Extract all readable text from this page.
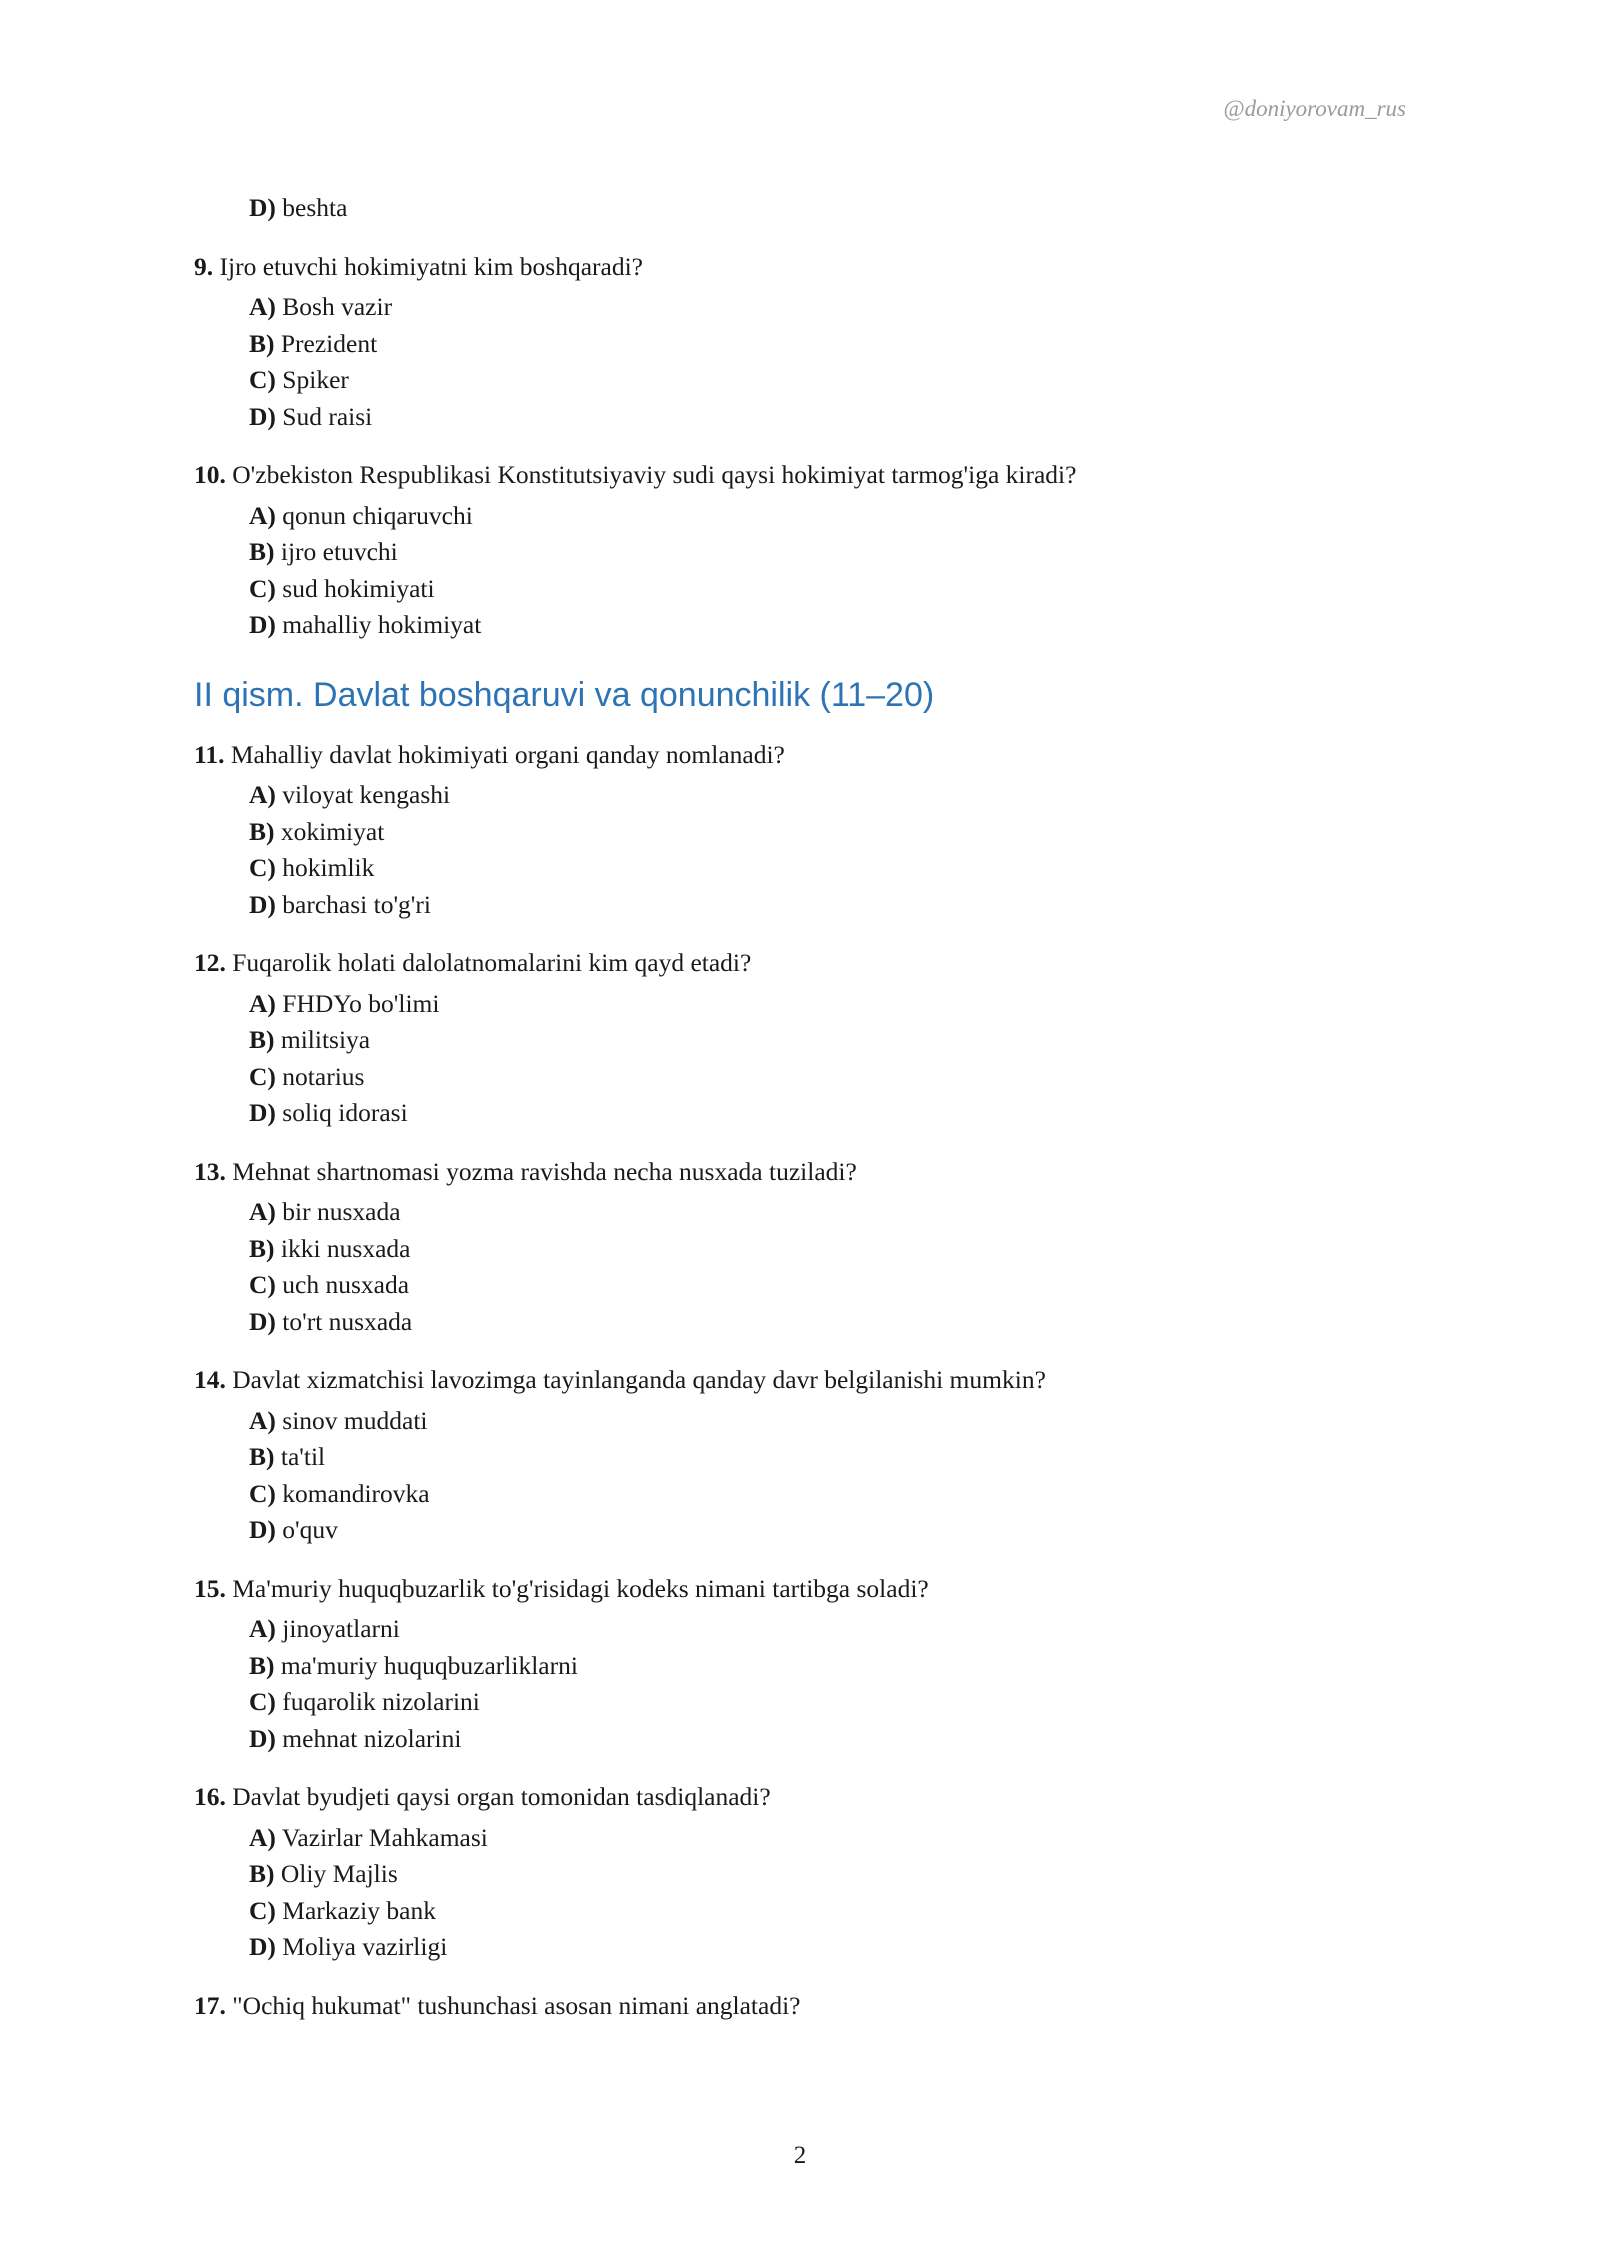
@doniyorovam_rus
D) beshta
9. Ijro etuvchi hokimiyatni kim boshqaradi?
A) Bosh vazir
B) Prezident
C) Spiker
D) Sud raisi
10. O'zbekiston Respublikasi Konstitutsiyaviy sudi qaysi hokimiyat tarmog'iga kiradi?
A) qonun chiqaruvchi
B) ijro etuvchi
C) sud hokimiyati
D) mahalliy hokimiyat
II qism. Davlat boshqaruvi va qonunchilik (11–20)
11. Mahalliy davlat hokimiyati organi qanday nomlanadi?
A) viloyat kengashi
B) xokimiyat
C) hokimlik
D) barchasi to'g'ri
12. Fuqarolik holati dalolatnomalarini kim qayd etadi?
A) FHDYo bo'limi
B) militsiya
C) notarius
D) soliq idorasi
13. Mehnat shartnomasi yozma ravishda necha nusxada tuziladi?
A) bir nusxada
B) ikki nusxada
C) uch nusxada
D) to'rt nusxada
14. Davlat xizmatchisi lavozimga tayinlanganda qanday davr belgilanishi mumkin?
A) sinov muddati
B) ta'til
C) komandirovka
D) o'quv
15. Ma'muriy huquqbuzarlik to'g'risidagi kodeks nimani tartibga soladi?
A) jinoyatlarni
B) ma'muriy huquqbuzarliklarni
C) fuqarolik nizolarini
D) mehnat nizolarini
16. Davlat byudjeti qaysi organ tomonidan tasdiqlanadi?
A) Vazirlar Mahkamasi
B) Oliy Majlis
C) Markaziy bank
D) Moliya vazirligi
17. "Ochiq hukumat" tushunchasi asosan nimani anglatadi?
2
